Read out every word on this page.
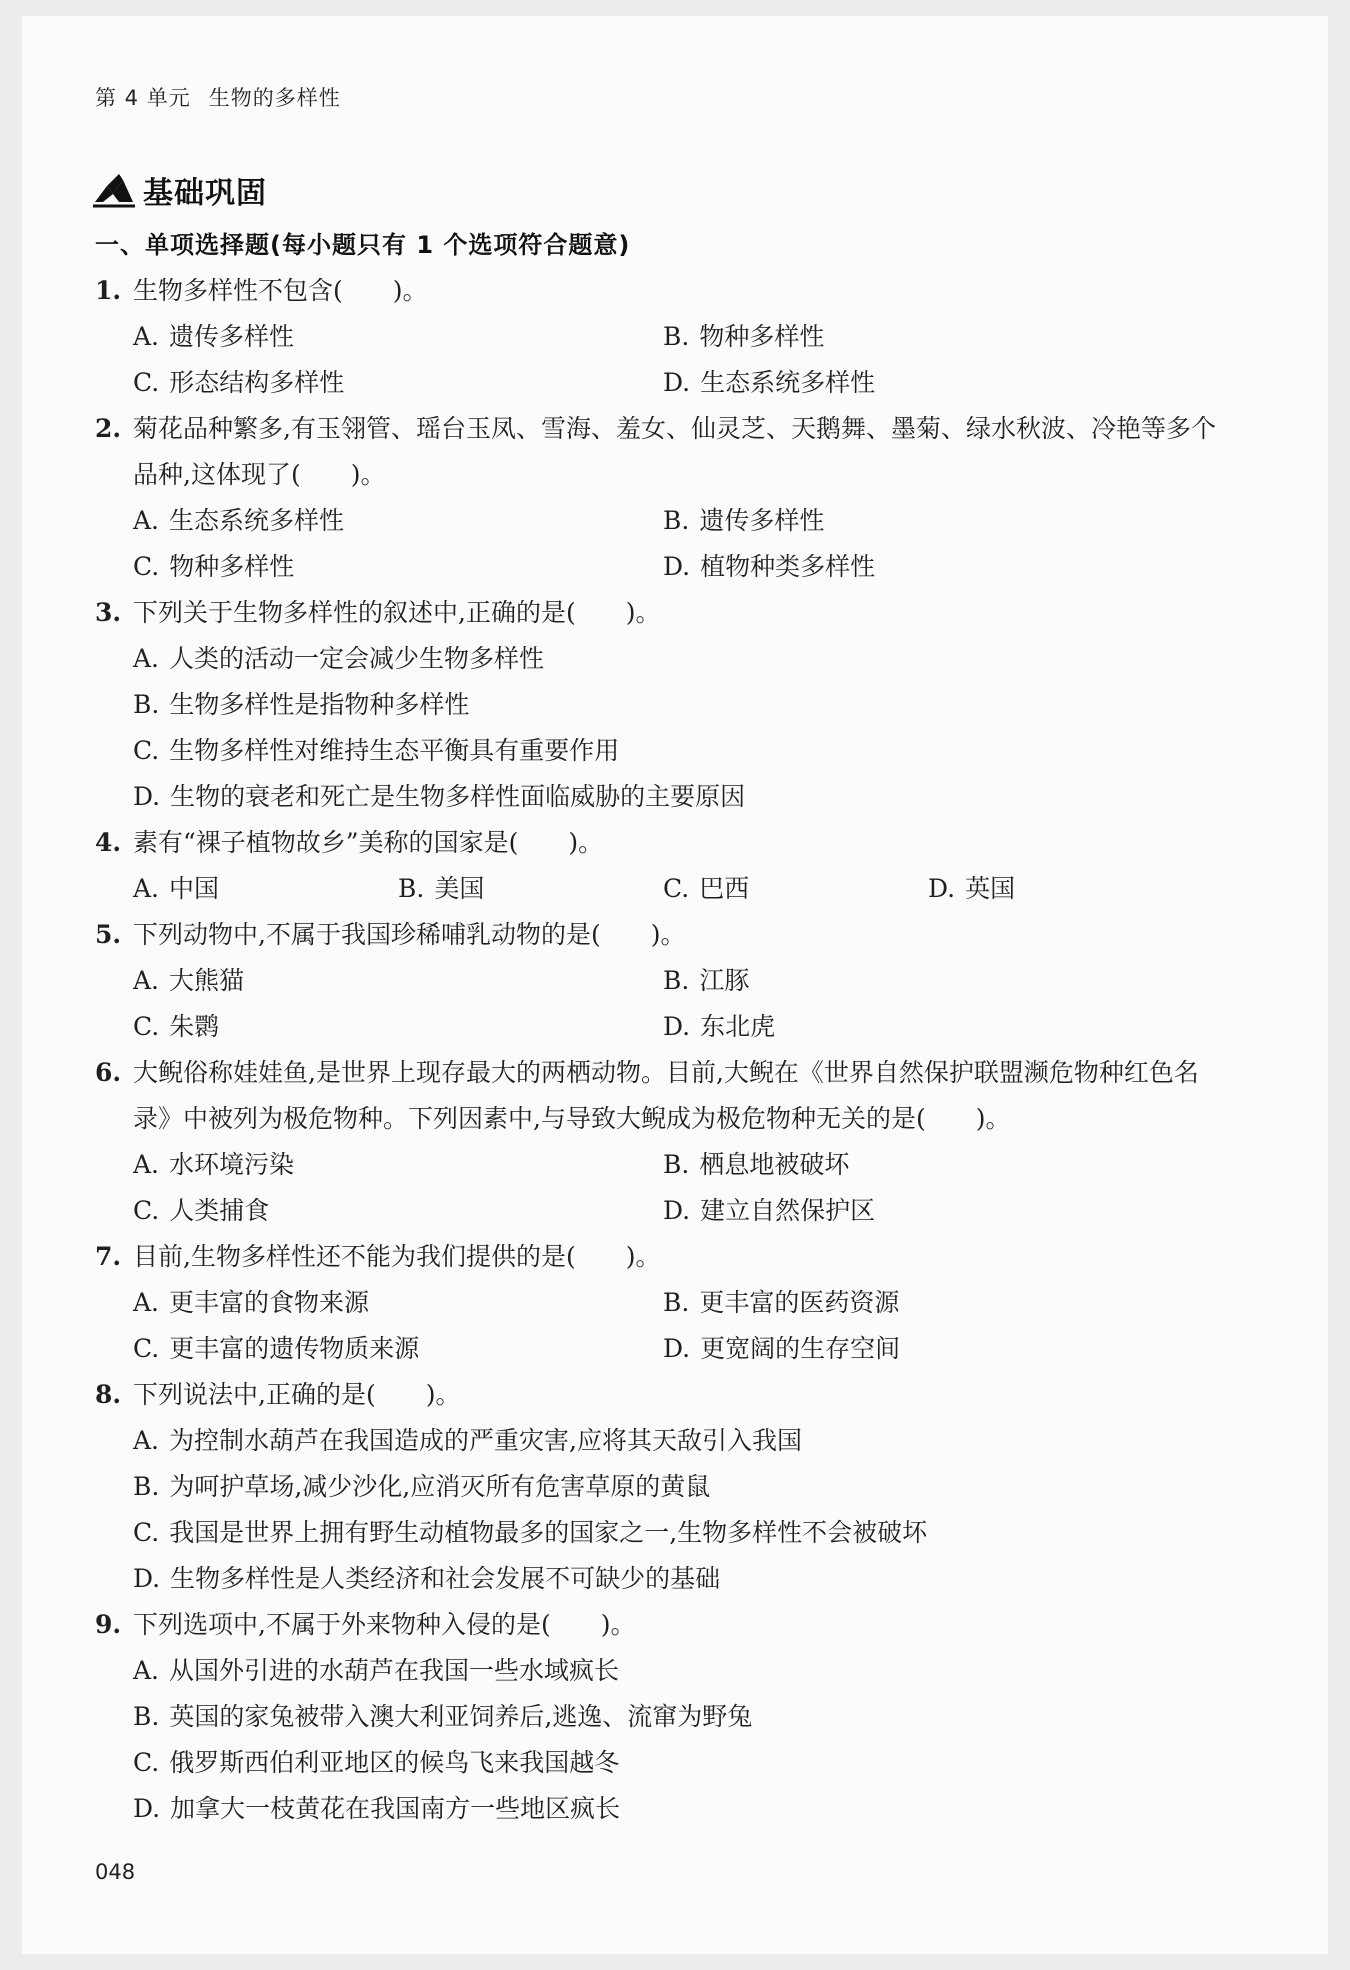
第 4 单元 生物的多样性
基础巩固
一、单项选择题(每小题只有 1 个选项符合题意)
1. 生物多样性不包含(　　)。
A. 遗传多样性	B. 物种多样性
C. 形态结构多样性	D. 生态系统多样性
2. 菊花品种繁多,有玉翎管、瑶台玉凤、雪海、羞女、仙灵芝、天鹅舞、墨菊、绿水秋波、冷艳等多个品种,这体现了(　　)。
A. 生态系统多样性	B. 遗传多样性
C. 物种多样性	D. 植物种类多样性
3. 下列关于生物多样性的叙述中,正确的是(　　)。
A. 人类的活动一定会减少生物多样性
B. 生物多样性是指物种多样性
C. 生物多样性对维持生态平衡具有重要作用
D. 生物的衰老和死亡是生物多样性面临威胁的主要原因
4. 素有“裸子植物故乡”美称的国家是(　　)。
A. 中国	B. 美国	C. 巴西	D. 英国
5. 下列动物中,不属于我国珍稀哺乳动物的是(　　)。
A. 大熊猫	B. 江豚
C. 朱鹮	D. 东北虎
6. 大鲵俗称娃娃鱼,是世界上现存最大的两栖动物。目前,大鲵在《世界自然保护联盟濒危物种红色名录》中被列为极危物种。下列因素中,与导致大鲵成为极危物种无关的是(　　)。
A. 水环境污染	B. 栖息地被破坏
C. 人类捕食	D. 建立自然保护区
7. 目前,生物多样性还不能为我们提供的是(　　)。
A. 更丰富的食物来源	B. 更丰富的医药资源
C. 更丰富的遗传物质来源	D. 更宽阔的生存空间
8. 下列说法中,正确的是(　　)。
A. 为控制水葫芦在我国造成的严重灾害,应将其天敌引入我国
B. 为呵护草场,减少沙化,应消灭所有危害草原的黄鼠
C. 我国是世界上拥有野生动植物最多的国家之一,生物多样性不会被破坏
D. 生物多样性是人类经济和社会发展不可缺少的基础
9. 下列选项中,不属于外来物种入侵的是(　　)。
A. 从国外引进的水葫芦在我国一些水域疯长
B. 英国的家兔被带入澳大利亚饲养后,逃逸、流窜为野兔
C. 俄罗斯西伯利亚地区的候鸟飞来我国越冬
D. 加拿大一枝黄花在我国南方一些地区疯长
048
